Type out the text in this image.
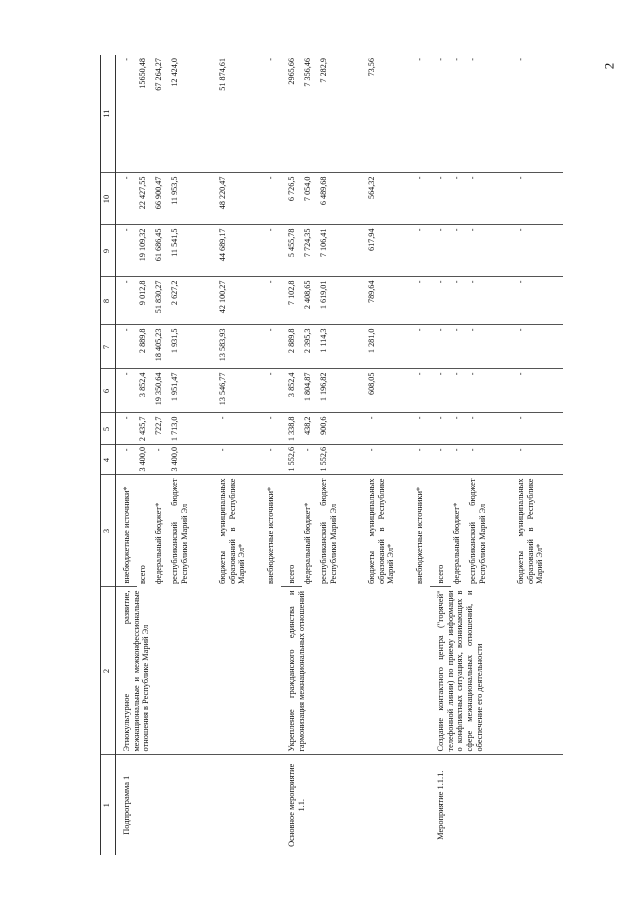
2
1	2	3	4	5	6	7	8	9	10	11
Подпрограмма 1	Этнокультурное развитие, межнациональные и межконфессиональные отношения в Республике Марий Эл	внебюджетные источники*	-	-	-	-	-	-	-	-
		всего	3 400,0	2 435,7	3 852,4	2 889,8	9 012,8	19 109,32	22 427,55	15650,48
		федеральный бюджет*	-	722,7	19 350,64	18 405,23	51 830,27	61 686,45	66 900,47	67 264,27
		республиканский бюджет Республики Марий Эл	3 400,0	1 713,0	1 951,47	1 931,5	2 627,2	11 541,5	11 953,5	12 424,0
		бюджеты муниципальных образований в Республике Марий Эл*	-	-	13 546,77	13 583,93	42 100,27	44 689,17	48 220,47	51 874,61
		внебюджетные источники*	-	-	-	-	-	-	-	-
Основное мероприятие 1.1.	Укрепление гражданского единства и гармонизация межнациональных отношений	всего	1 552,6	1 338,8	3 852,4	2 889,8	7 102,8	5 455,78	6 726,5	2965,66
		федеральный бюджет*	-	438,2	1 804,87	2 395,3	2 408,65	7 724,35	7 054,0	7 356,46
		республиканский бюджет Республики Марий Эл	1 552,6	900,6	1 196,82	1 114,3	1 619,01	7 106,41	6 489,68	7 282,9
		бюджеты муниципальных образований в Республике Марий Эл*	-	-	608,05	1 281,0	789,64	617,94	564,32	73,56
		внебюджетные источники*	-	-	-	-	-	-	-	-
Мероприятие 1.1.1.	Создание контактного центра ("горячей" телефонной линии) по приему информации о конфликтных ситуациях, возникающих в сфере межнациональных отношений, и обеспечение его деятельности	всего	-	-	-	-	-	-	-	-
		федеральный бюджет*	-	-	-	-	-	-	-	-
		республиканский бюджет Республики Марий Эл	-	-	-	-	-	-	-	-
		бюджеты муниципальных образований в Республике Марий Эл*	-	-	-	-	-	-	-	-
